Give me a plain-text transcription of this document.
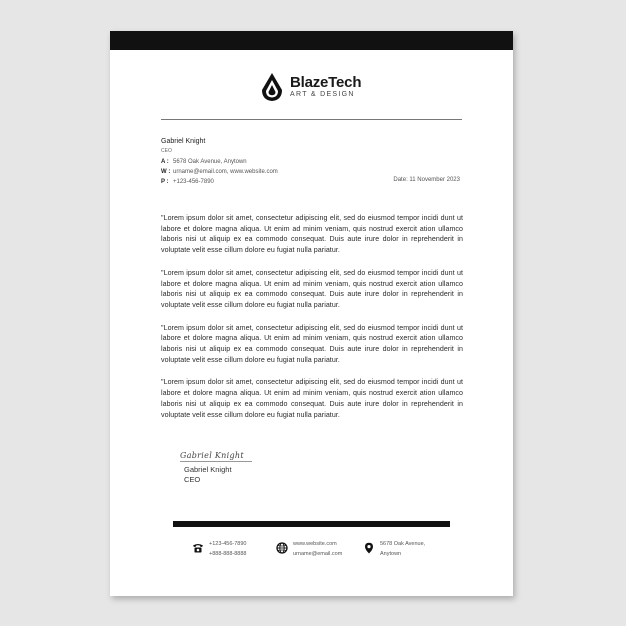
BlazeTech
ART & DESIGN
Gabriel Knight
CEO
A : 5678 Oak Avenue, Anytown
W : urname@email.com, www.website.com
P : +123-456-7890	Date: 11 November 2023

"Lorem ipsum dolor sit amet, consectetur adipiscing elit, sed do eiusmod tempor incidi dunt ut labore et dolore magna aliqua. Ut enim ad minim veniam, quis nostrud exercit ation ullamco laboris nisi ut aliquip ex ea commodo consequat. Duis aute irure dolor in reprehenderit in voluptate velit esse cillum dolore eu fugiat nulla pariatur.

"Lorem ipsum dolor sit amet, consectetur adipiscing elit, sed do eiusmod tempor incidi dunt ut labore et dolore magna aliqua. Ut enim ad minim veniam, quis nostrud exercit ation ullamco laboris nisi ut aliquip ex ea commodo consequat. Duis aute irure dolor in reprehenderit in voluptate velit esse cillum dolore eu fugiat nulla pariatur.

"Lorem ipsum dolor sit amet, consectetur adipiscing elit, sed do eiusmod tempor incidi dunt ut labore et dolore magna aliqua. Ut enim ad minim veniam, quis nostrud exercit ation ullamco laboris nisi ut aliquip ex ea commodo consequat. Duis aute irure dolor in reprehenderit in voluptate velit esse cillum dolore eu fugiat nulla pariatur.

"Lorem ipsum dolor sit amet, consectetur adipiscing elit, sed do eiusmod tempor incidi dunt ut labore et dolore magna aliqua. Ut enim ad minim veniam, quis nostrud exercit ation ullamco laboris nisi ut aliquip ex ea commodo consequat. Duis aute irure dolor in reprehenderit in voluptate velit esse cillum dolore eu fugiat nulla pariatur.

Gabriel Knight
Gabriel Knight
CEO
+123-456-7890
+888-888-8888
www.website.com
urname@email.com
5678 Oak Avenue,
Anytown
